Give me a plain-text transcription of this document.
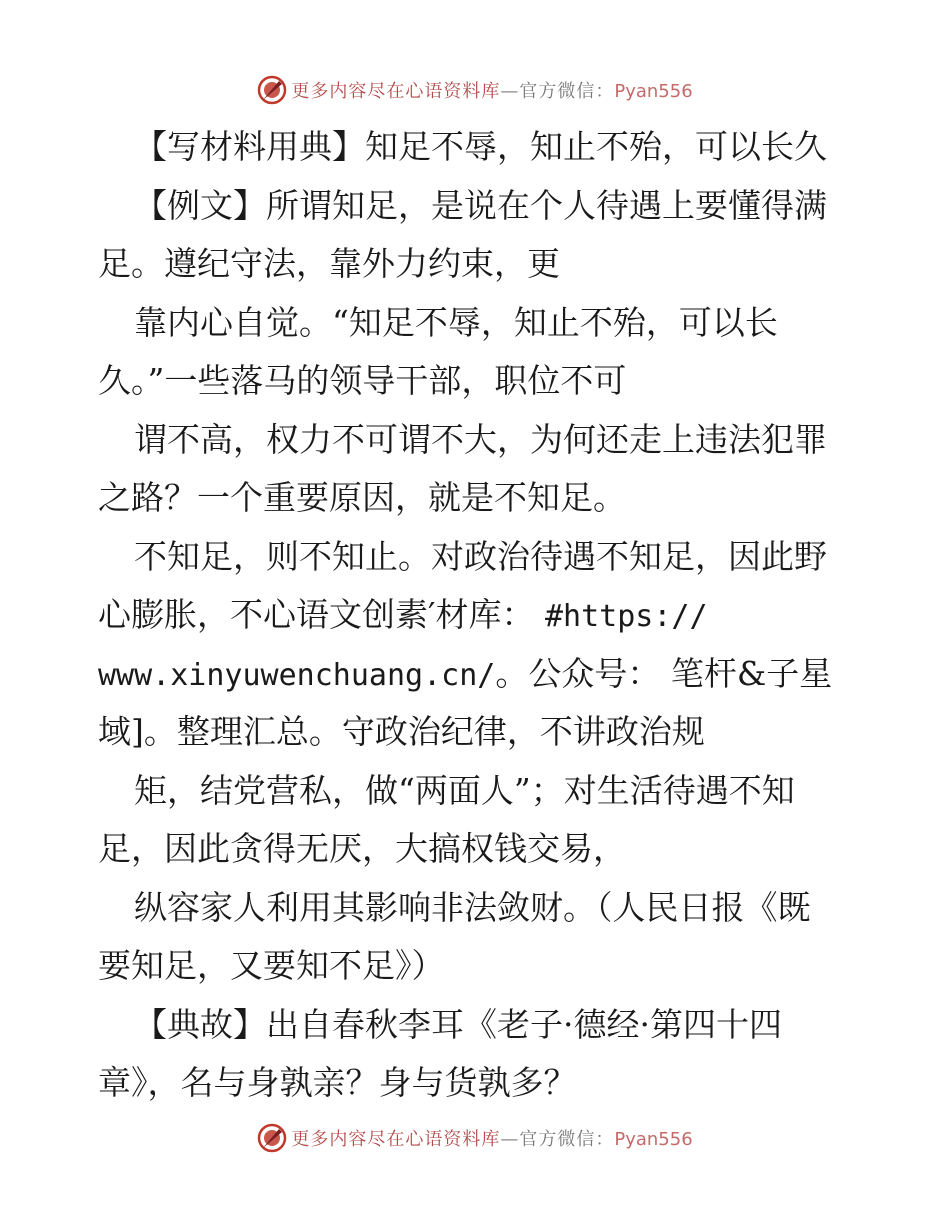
更多内容尽在心语资料库—官方微信：Pyan556
【写材料用典】知足不辱，知止不殆，可以长久
【例文】所谓知足，是说在个人待遇上要懂得满
足。遵纪守法，靠外力约束，更
靠内心自觉。“知足不辱，知止不殆，可以长
久。”一些落马的领导干部，职位不可
谓不高，权力不可谓不大，为何还走上违法犯罪
之路？一个重要原因，就是不知足。
不知足，则不知止。对政治待遇不知足，因此野
心膨胀，不心语文创素′材库： #https://
www.xinyuwenchuang.cn/。公众号： 笔杆&子星
域]。整理汇总。守政治纪律，不讲政治规
矩，结党营私，做“两面人”；对生活待遇不知
足，因此贪得无厌，大搞权钱交易，
纵容家人利用其影响非法敛财。（人民日报《既
要知足，又要知不足》）
【典故】出自春秋李耳《老子·德经·第四十四
章》，名与身孰亲？身与货孰多？
更多内容尽在心语资料库—官方微信：Pyan556
